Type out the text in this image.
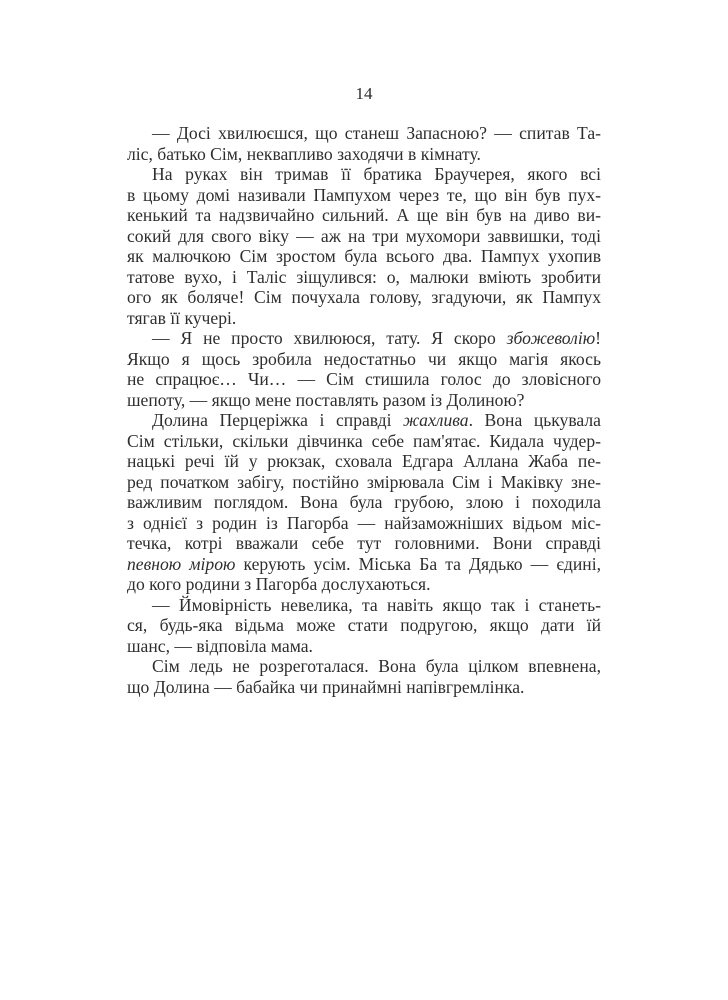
14
— Досі хвилюєшся, що станеш Запасною? — спитав Та-
ліс, батько Сім, неквапливо заходячи в кімнату.
На руках він тримав її братика Браучерея, якого всі
в цьому домі називали Пампухом через те, що він був пух-
кенький та надзвичайно сильний. А ще він був на диво ви-
сокий для свого віку — аж на три мухомори заввишки, тоді
як малючкою Сім зростом була всього два. Пампух ухопив
татове вухо, і Таліс зіщулився: о, малюки вміють зробити
ого як боляче! Сім почухала голову, згадуючи, як Пампух
тягав її кучері.
— Я не просто хвилююся, тату. Я скоро збожеволію!
Якщо я щось зробила недостатньо чи якщо магія якось
не спрацює… Чи… — Сім стишила голос до зловісного
шепоту, — якщо мене поставлять разом із Долиною?
Долина Перцеріжка і справді жахлива. Вона цькувала
Сім стільки, скільки дівчинка себе пам'ятає. Кидала чудер-
нацькі речі їй у рюкзак, сховала Едгара Аллана Жаба пе-
ред початком забігу, постійно змірювала Сім і Маківку зне-
важливим поглядом. Вона була грубою, злою і походила
з однієї з родин із Пагорба — найзаможніших відьом міс-
течка, котрі вважали себе тут головними. Вони справді
певною мірою керують усім. Міська Ба та Дядько — єдині,
до кого родини з Пагорба дослухаються.
— Ймовірність невелика, та навіть якщо так і станеть-
ся, будь-яка відьма може стати подругою, якщо дати їй
шанс, — відповіла мама.
Сім ледь не розреготалася. Вона була цілком впевнена,
що Долина — бабайка чи принаймні напівгремлінка.
